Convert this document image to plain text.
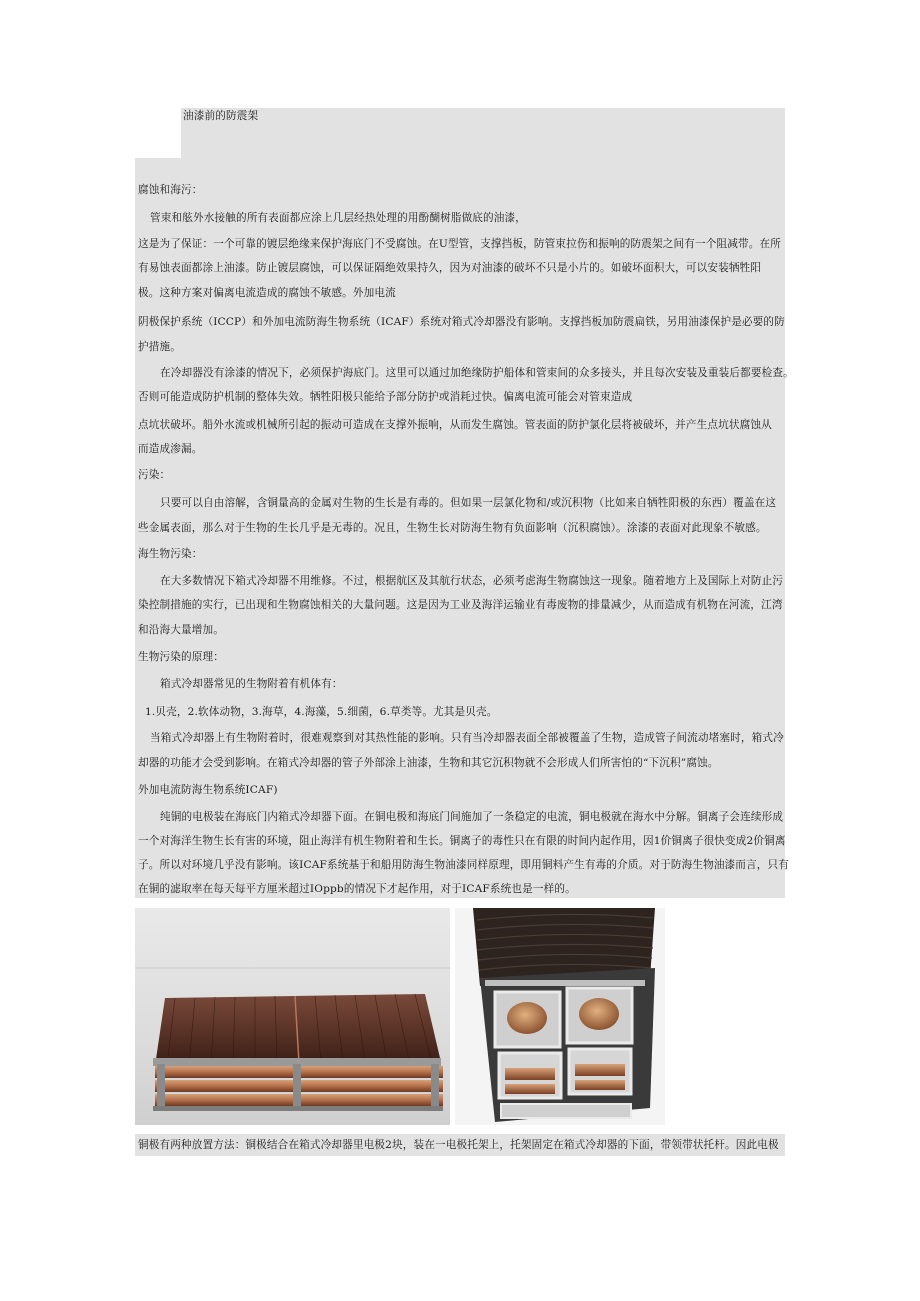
油漆前的防震架
腐蚀和海污：
管束和舷外水接触的所有表面都应涂上几层经热处理的用酚醐树脂做底的油漆，
这是为了保证：一个可靠的镀层绝缘来保护海底门不受腐蚀。在U型管，支撑挡板，防管束拉伤和振响的防震架之间有一个阻减带。在所
有易蚀表面都涂上油漆。防止镀层腐蚀，可以保证隔绝效果持久，因为对油漆的破坏不只是小片的。如破坏面积大，可以安装牺牲阳
极。这种方案对偏离电流造成的腐蚀不敏感。外加电流
阴极保护系统（ICCP）和外加电流防海生物系统（ICAF）系统对箱式冷却器没有影响。支撑挡板加防震扁铁，另用油漆保护是必要的防
护措施。
在冷却器没有涂漆的情况下，必须保护海底门。这里可以通过加绝缘防护船体和管束间的众多接头，并且每次安装及重装后都要检查。
否则可能造成防护机制的整体失效。牺牲阳极只能给予部分防护或消耗过快。偏离电流可能会对管束造成
点坑状破坏。船外水流或机械所引起的振动可造成在支撑外振响，从而发生腐蚀。管表面的防护氯化层将被破坏，并产生点坑状腐蚀从
而造成渗漏。
污染：
只要可以自由溶解，含铜量高的金属对生物的生长是有毒的。但如果一层氯化物和/或沉积物（比如来自牺牲阳极的东西）覆盖在这
些金属表面，那么对于生物的生长几乎是无毒的。况且，生物生长对防海生物有负面影响（沉积腐蚀）。涂漆的表面对此现象不敏感。
海生物污染：
在大多数情况下箱式冷却器不用维修。不过，根据航区及其航行状态，必须考虑海生物腐蚀这一现象。随着地方上及国际上对防止污
染控制措施的实行，已出现和生物腐蚀相关的大量问题。这是因为工业及海洋运输业有毒废物的排量减少，从而造成有机物在河流，江湾
和沿海大量增加。
生物污染的原理：
箱式冷却器常见的生物附着有机体有：
1.贝壳，2.软体动物，3.海草，4.海藻，5.细菌，6.草类等。尤其是贝壳。
当箱式冷却器上有生物附着时，很难观察到对其热性能的影响。只有当冷却器表面全部被覆盖了生物，造成管子间流动堵塞时，箱式冷
却器的功能才会受到影响。在箱式冷却器的管子外部涂上油漆，生物和其它沉积物就不会形成人们所害怕的“下沉积”腐蚀。
外加电流防海生物系统ICAF)
纯铜的电极装在海底门内箱式冷却器下面。在铜电极和海底门间施加了一条稳定的电流，铜电极就在海水中分解。铜离子会连续形成
一个对海洋生物生长有害的环境，阻止海洋有机生物附着和生长。铜离子的毒性只在有限的时间内起作用，因1价铜离子很快变成2价铜离
子。所以对环境几乎没有影响。该ICAF系统基于和船用防海生物油漆同样原理，即用铜料产生有毒的介质。对于防海生物油漆而言，只有
在铜的滤取率在每天每平方厘米超过IOppb的情况下才起作用，对于ICAF系统也是一样的。
铜极有两种放置方法：铜极结合在箱式冷却器里电极2块，装在一电极托架上，托架固定在箱式冷却器的下面，带领带状托杆。因此电极
